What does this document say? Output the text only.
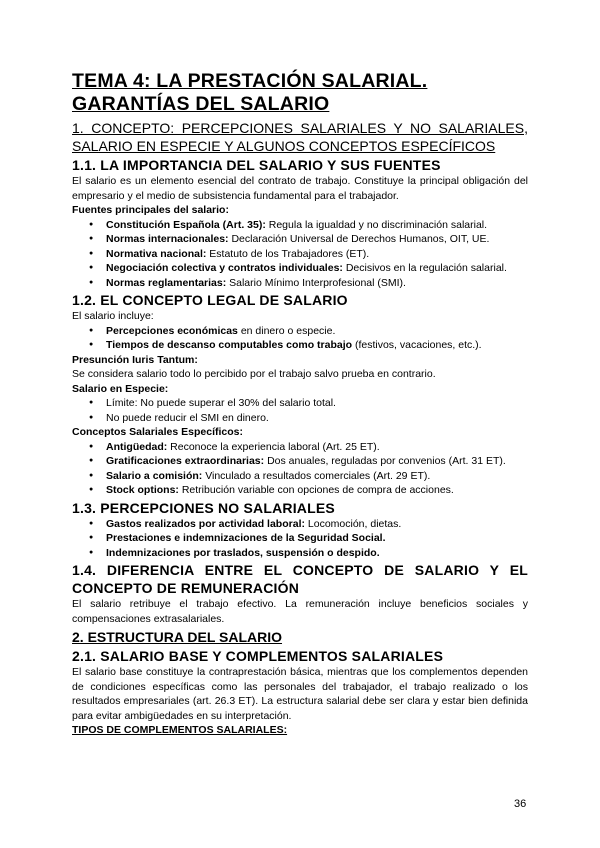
TEMA 4: LA PRESTACIÓN SALARIAL. GARANTÍAS DEL SALARIO
1. CONCEPTO: PERCEPCIONES SALARIALES Y NO SALARIALES, SALARIO EN ESPECIE Y ALGUNOS CONCEPTOS ESPECÍFICOS
1.1. LA IMPORTANCIA DEL SALARIO Y SUS FUENTES

El salario es un elemento esencial del contrato de trabajo. Constituye la principal obligación del empresario y el medio de subsistencia fundamental para el trabajador.

Fuentes principales del salario:
● Constitución Española (Art. 35): Regula la igualdad y no discriminación salarial.
● Normas internacionales: Declaración Universal de Derechos Humanos, OIT, UE.
● Normativa nacional: Estatuto de los Trabajadores (ET).
● Negociación colectiva y contratos individuales: Decisivos en la regulación salarial.
● Normas reglamentarias: Salario Mínimo Interprofesional (SMI).
1.2. EL CONCEPTO LEGAL DE SALARIO

El salario incluye:

● Percepciones económicas en dinero o especie.
● Tiempos de descanso computables como trabajo (festivos, vacaciones, etc.).
Presunción Iuris Tantum:

Se considera salario todo lo percibido por el trabajo salvo prueba en contrario.

Salario en Especie:
● Límite: No puede superar el 30% del salario total.
● No puede reducir el SMI en dinero.
Conceptos Salariales Específicos:
● Antigüedad: Reconoce la experiencia laboral (Art. 25 ET).
● Gratificaciones extraordinarias: Dos anuales, reguladas por convenios (Art. 31 ET).
● Salario a comisión: Vinculado a resultados comerciales (Art. 29 ET).
● Stock options: Retribución variable con opciones de compra de acciones.
1.3. PERCEPCIONES NO SALARIALES
● Gastos realizados por actividad laboral: Locomoción, dietas.
● Prestaciones e indemnizaciones de la Seguridad Social.
● Indemnizaciones por traslados, suspensión o despido.
1.4. DIFERENCIA ENTRE EL CONCEPTO DE SALARIO Y EL CONCEPTO DE REMUNERACIÓN

El salario retribuye el trabajo efectivo. La remuneración incluye beneficios sociales y compensaciones extrasalariales.

2. ESTRUCTURA DEL SALARIO
2.1. SALARIO BASE Y COMPLEMENTOS SALARIALES

El salario base constituye la contraprestación básica, mientras que los complementos dependen de condiciones específicas como las personales del trabajador, el trabajo realizado o los resultados empresariales (art. 26.3 ET). La estructura salarial debe ser clara y estar bien definida para evitar ambigüedades en su interpretación.

TIPOS DE COMPLEMENTOS SALARIALES:
36
